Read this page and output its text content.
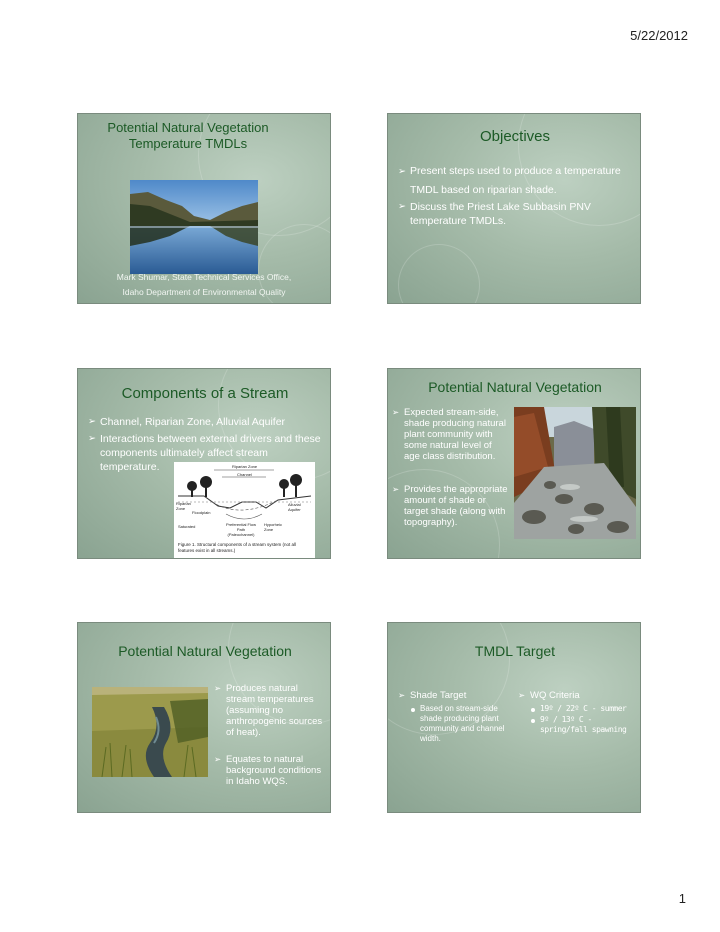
5/22/2012
Potential Natural Vegetation
Temperature TMDLs
Mark Shumar, State Technical Services Office,
Idaho Department of Environmental Quality
Objectives
➢ Present steps used to produce a temperature TMDL based on riparian shade.
➢ Discuss the Priest Lake Subbasin PNV temperature TMDLs.
Components of a Stream
➢ Channel, Riparian Zone, Alluvial Aquifer
➢ Interactions between external drivers and these components ultimately affect stream temperature.	Riparian Zone
Channel
Riparian Zone
Alluvial Aquifer
Floodplain
Saturated	Preferential Flow Path
(Paleochannel)
Hyporheic Zone
Figure 1. Structural components of a stream system (not all features exist in all streams.)
Potential Natural Vegetation
➢ Expected stream-side, shade producing natural plant community with some natural level of age class distribution.
➢ Provides the appropriate amount of shade or target shade (along with topography).
Potential Natural Vegetation
➢ Produces natural stream temperatures (assuming no anthropogenic sources of heat).
➢ Equates to natural background conditions in Idaho WQS.
TMDL Target
➢ Shade Target
Based on stream-side shade producing plant community and channel width.
➢ WQ Criteria
19º / 22º C - summer
9º / 13º C - spring/fall spawning
1
